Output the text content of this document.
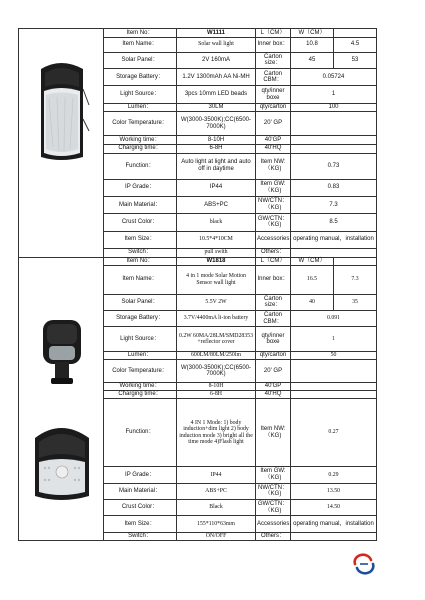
	Item No：	W1111	L（CM）	W（CM）	
	Item Name：	Solar wall light	Inner box：	10.8	4.5
	Solar Panel：	2V 160mA	Carton size：	45	53
	Storage Battery：	1.2V 1300mAh AA Ni-MH	Carton CBM：	0.05724	
	Light Source：	3pcs 10mm LED beads	qty/inner boxe	1	
	Lumen：	30LM	qty/carton	100	
	Color Temperature：	W(3000-3500K);CC(6500-7000K)	20' GP		
	Working time：	8-10H	40'GP		
	Charging time：	6-8H	40'HQ		
	Function：	Auto light at light and auto off in daytime	Item NW:（KG)	0.73	
	IP Grade：	IP44	Item GW:（KG)	0.83	
	Main Material：	ABS+PC	NW/CTN：（KG)	7.3	
	Crust Color：	black	GW/CTN：（KG)	8.5	
	Item Size：	10.5*4*10CM	Accessories：	operating manual，installation	
	Switch：	pull swith	Others：		
	Item No：	W1818	L（CM）	W（CM）	
	Item Name：	4 in 1 mode Solar Motion Sensor wall light	Inner box：	16.5	7.3
	Solar Panel：	5.5V 2W	Carton size：	40	35
	Storage Battery：	3.7V/4400mA li-ion battery	Carton CBM：	0.091	
	Light Source：	0.2W 60MA/28LM/SMD28353 +reflector cover	qty/inner boxe	1	
	Lumen：	600LM/80LM/250lm	qty/carton	50	
	Color Temperature：	W(3000-3500K);CC(6500-7000K)	20' GP		
	Working time：	8-10H	40'GP		
	Charging time：	6-8H	40'HQ		
	Function：	4 IN 1 Mode: 1) body induction+dim light 2) body induction mode 3) bright all the time mode 4)Flash light	Item NW:（KG)	0.27	
	IP Grade：	IP44	Item GW:（KG)	0.29	
	Main Material：	ABS+PC	NW/CTN：（KG)	13.50	
	Crust Color：	Black	GW/CTN：（KG)	14.50	
	Item Size：	155*110*63mm	Accessories：	operating manual，installation	
	Switch：	ON/OFF	Others：		
